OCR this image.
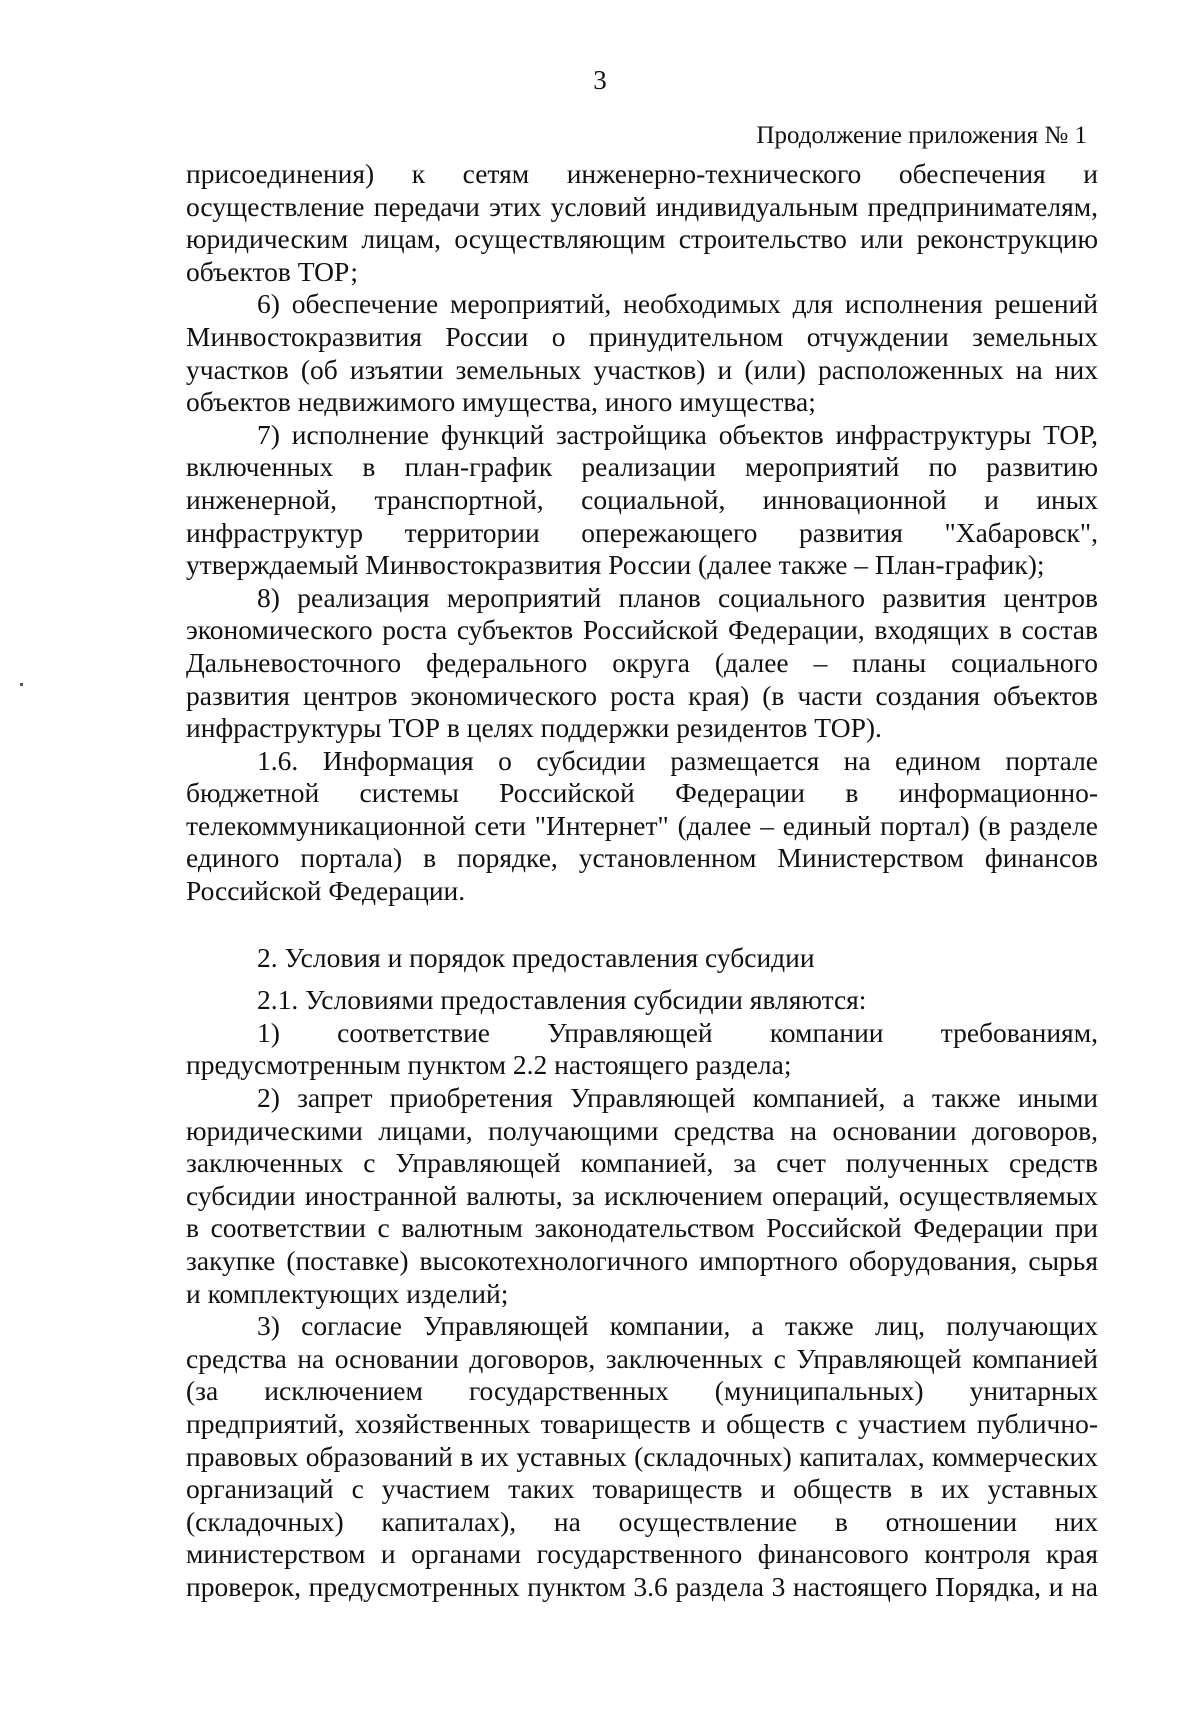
3
Продолжение приложения № 1

присоединения) к сетям инженерно-технического обеспечения и осуществление передачи этих условий индивидуальным предпринимателям, юридическим лицам, осуществляющим строительство или реконструкцию объектов ТОР;

6) обеспечение мероприятий, необходимых для исполнения решений Минвостокразвития России о принудительном отчуждении земельных участков (об изъятии земельных участков) и (или) расположенных на них объектов недвижимого имущества, иного имущества;

7) исполнение функций застройщика объектов инфраструктуры ТОР, включенных в план-график реализации мероприятий по развитию инженерной, транспортной, социальной, инновационной и иных инфраструктур территории опережающего развития "Хабаровск", утверждаемый Минвостокразвития России (далее также – План-график);

8) реализация мероприятий планов социального развития центров экономического роста субъектов Российской Федерации, входящих в состав Дальневосточного федерального округа (далее – планы социального развития центров экономического роста края) (в части создания объектов инфраструктуры ТОР в целях поддержки резидентов ТОР).

1.6. Информация о субсидии размещается на едином портале бюджетной системы Российской Федерации в информационно-телекоммуникационной сети "Интернет" (далее – единый портал) (в разделе единого портала) в порядке, установленном Министерством финансов Российской Федерации.

2. Условия и порядок предоставления субсидии

2.1. Условиями предоставления субсидии являются:

1) соответствие Управляющей компании требованиям, предусмотренным пунктом 2.2 настоящего раздела;

2) запрет приобретения Управляющей компанией, а также иными юридическими лицами, получающими средства на основании договоров, заключенных с Управляющей компанией, за счет полученных средств субсидии иностранной валюты, за исключением операций, осуществляемых в соответствии с валютным законодательством Российской Федерации при закупке (поставке) высокотехнологичного импортного оборудования, сырья и комплектующих изделий;

3) согласие Управляющей компании, а также лиц, получающих средства на основании договоров, заключенных с Управляющей компанией (за исключением государственных (муниципальных) унитарных предприятий, хозяйственных товариществ и обществ с участием публично-правовых образований в их уставных (складочных) капиталах, коммерческих организаций с участием таких товариществ и обществ в их уставных (складочных) капиталах), на осуществление в отношении них министерством и органами государственного финансового контроля края проверок, предусмотренных пунктом 3.6 раздела 3 настоящего Порядка, и на
